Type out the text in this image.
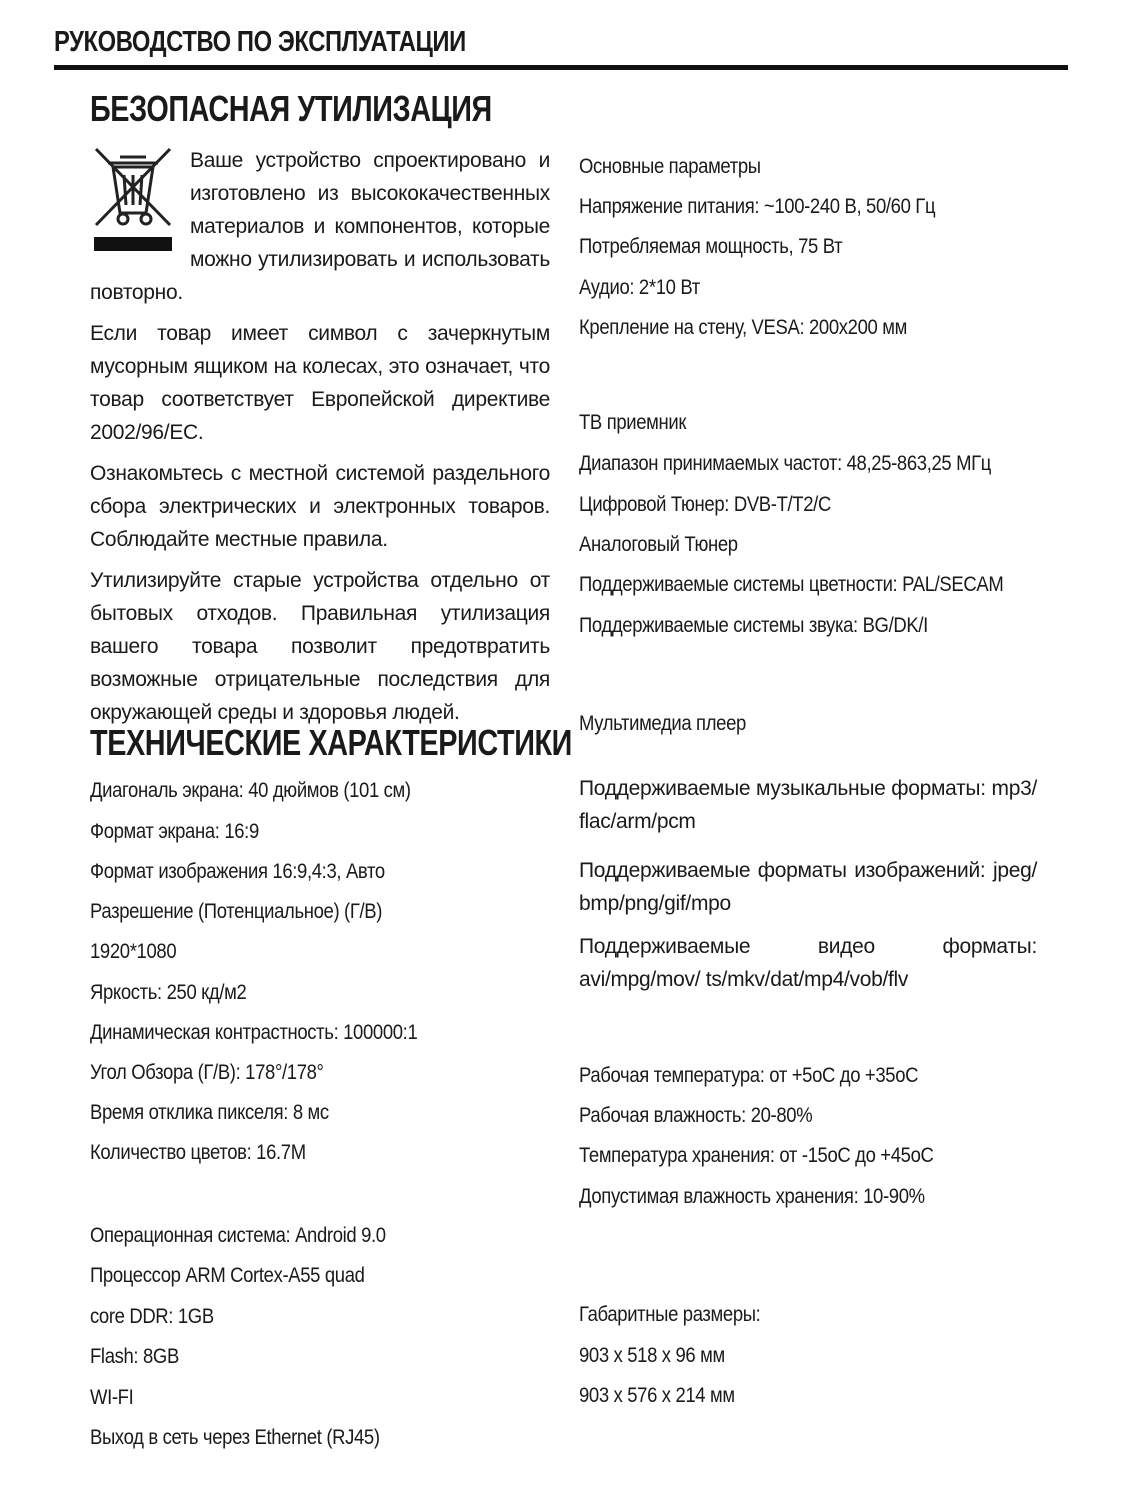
РУКОВОДСТВО ПО ЭКСПЛУАТАЦИИ
БЕЗОПАСНАЯ УТИЛИЗАЦИЯ

Ваше устройство спроектировано и изготовлено из высококачественных материалов и компонентов, которые можно утилизировать и использовать повторно.

Если товар имеет символ с зачеркнутым мусорным ящиком на колесах, это означает, что товар соответствует Европейской директиве 2002/96/ЕС.

Ознакомьтесь с местной системой раздельного сбора электрических и электронных товаров. Соблюдайте местные правила.

Утилизируйте старые устройства отдельно от бытовых отходов. Правильная утилизация вашего товара позволит предотвратить возможные отрицательные последствия для окружающей среды и здоровья людей.

ТЕХНИЧЕСКИЕ ХАРАКТЕРИСТИКИ

Диагональ экрана: 40 дюймов (101 см)

Формат экрана: 16:9

Формат изображения 16:9,4:3, Авто

Разрешение (Потенциальное) (Г/В)

1920*1080

Яркость: 250 кд/м2

Динамическая контрастность: 100000:1

Угол Обзора (Г/В): 178°/178°

Время отклика пикселя: 8 мс

Количество цветов: 16.7M

Операционная система: Android 9.0

Процессор ARM Cortex-A55 quad

core DDR: 1GB

Flash: 8GB

WI-FI

Выход в сеть через Ethernet (RJ45)

Основные параметры

Напряжение питания: ~100-240 В, 50/60 Гц

Потребляемая мощность, 75 Вт

Аудио: 2*10 Вт

Крепление на стену, VESA: 200х200 мм

ТВ приемник

Диапазон принимаемых частот: 48,25-863,25 МГц

Цифровой Тюнер: DVB-T/T2/C

Аналоговый Тюнер

Поддерживаемые системы цветности: PAL/SECAM

Поддерживаемые системы звука: BG/DK/I

Мультимедиа плеер

Поддерживаемые музыкальные форматы: mp3/ flac/arm/pcm

Поддерживаемые форматы изображений: jpeg/ bmp/png/gif/mpo

Поддерживаемые видео форматы: avi/mpg/mov/ ts/mkv/dat/mp4/vob/flv

Рабочая температура: от +5оС до +35оС

Рабочая влажность: 20-80%

Температура хранения: от -15оС до +45оС

Допустимая влажность хранения: 10-90%

Габаритные размеры:

903 х 518 х 96 мм

903 х 576 х 214 мм
